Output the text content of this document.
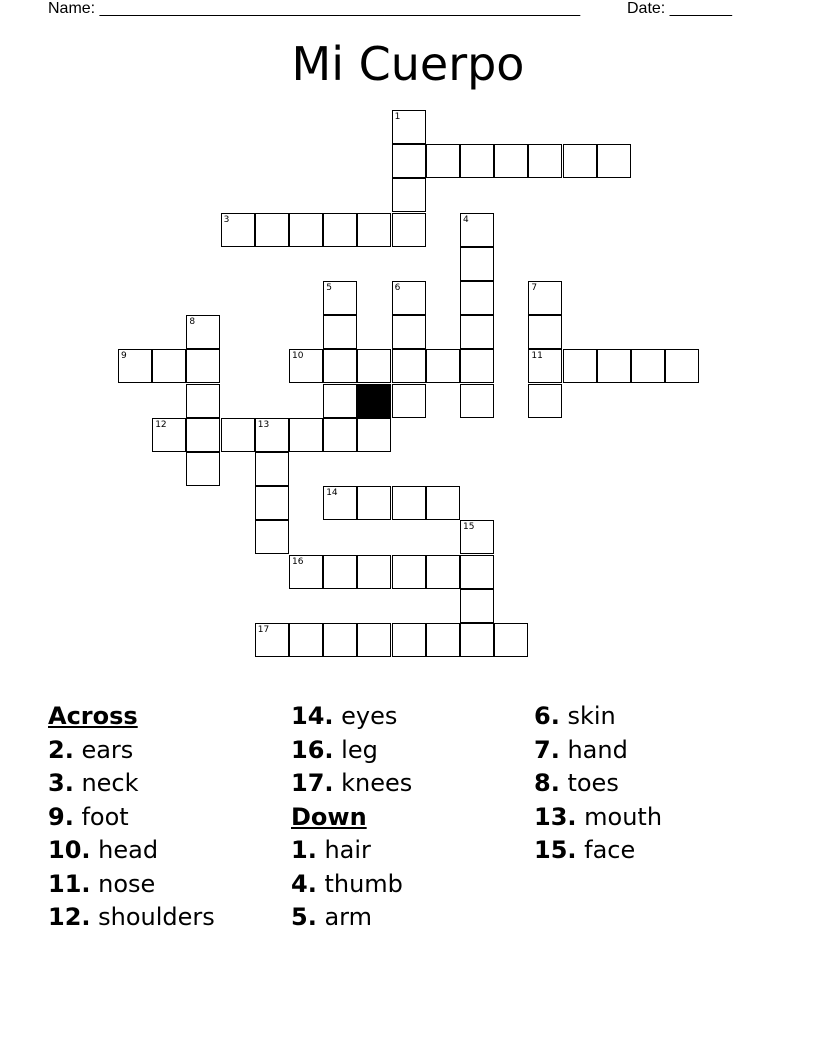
Name: ______________________________________________________	Date: _______
Mi Cuerpo
3
9	10	11
12	13
14
16
17
1
4
5	6	7
8
15
Across
2. ears
3. neck
9. foot
10. head
11. nose
12. shoulders
14. eyes
16. leg
17. knees
Down
1. hair
4. thumb
5. arm
6. skin
7. hand
8. toes
13. mouth
15. face
